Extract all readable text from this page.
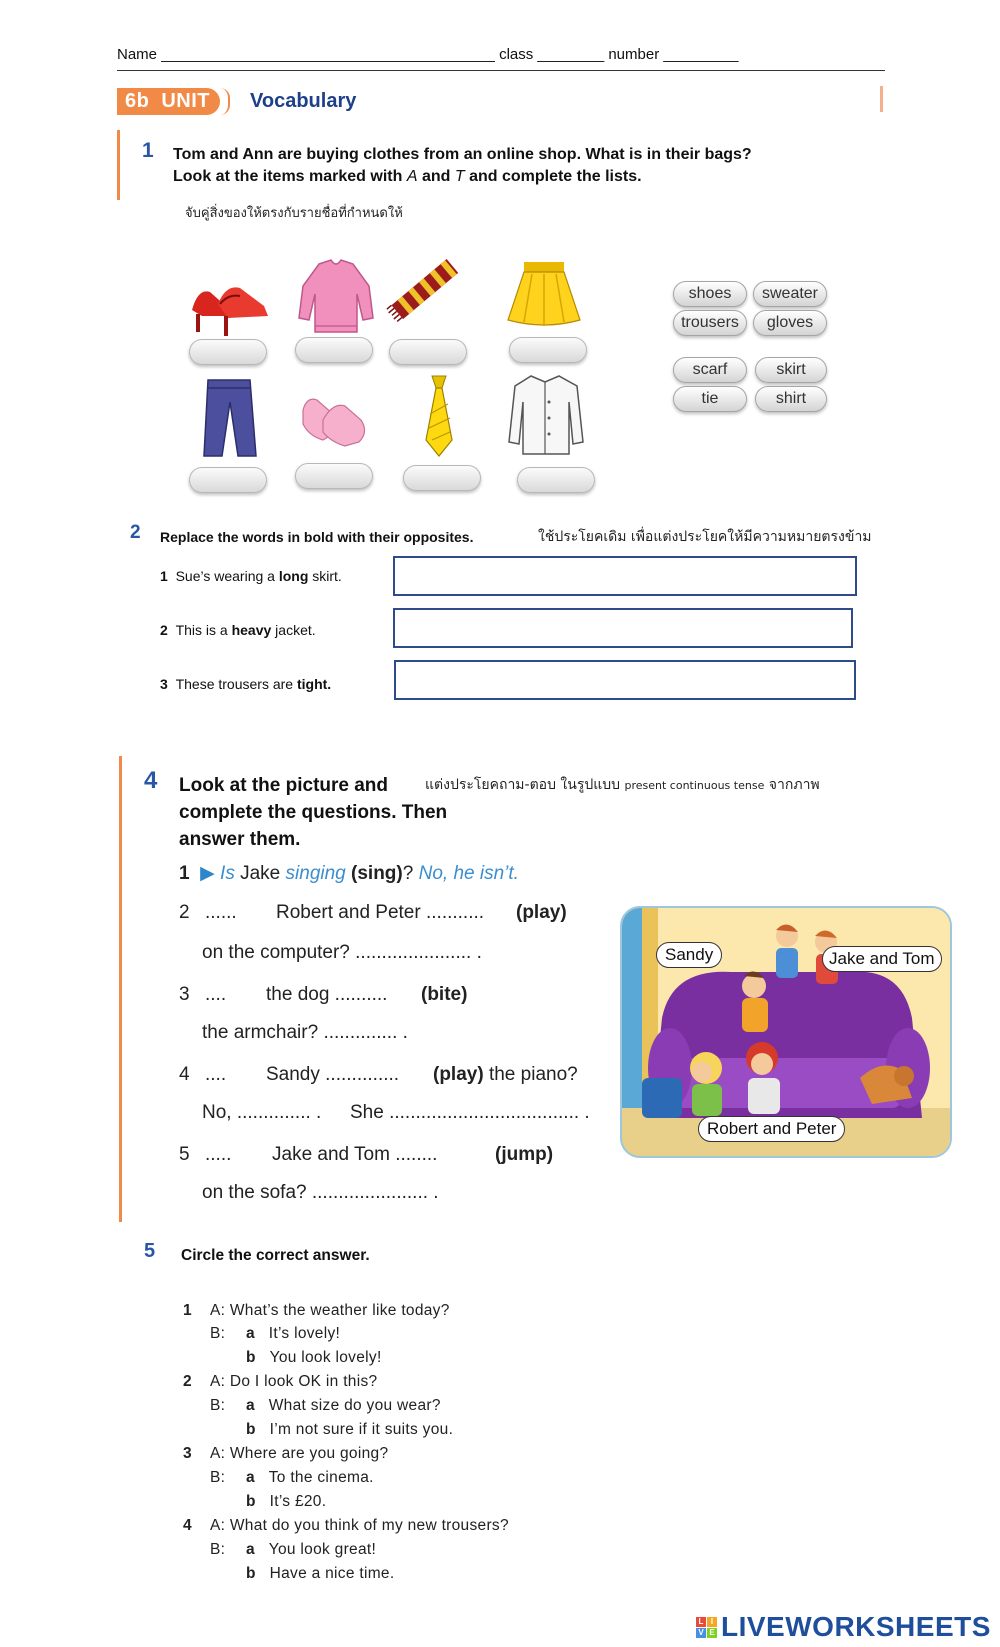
Name ________________________________________ class ________ number _________
6b UNIT	Vocabulary
1 Tom and Ann are buying clothes from an online shop. What is in their bags?
Look at the items marked with A and T and complete the lists.
จับคู่สิ่งของให้ตรงกับรายชื่อที่กำหนดให้
shoes	sweater
trousers	gloves
scarf	skirt
tie	shirt
2 Replace the words in bold with their opposites.	ใช้ประโยคเดิม เพื่อแต่งประโยคให้มีความหมายตรงข้าม
1 Sue’s wearing a long skirt.
2 This is a heavy jacket.
3 These trousers are tight.
4 Look at the picture and
complete the questions. Then
answer them.
แต่งประโยคถาม-ตอบ ในรูปแบบ present continuous tense จากภาพ
1 ▶ Is Jake singing (sing)? No, he isn’t.
2 ...... Robert and Peter ........... (play)
on the computer? ...................... .
3 .... the dog .......... (bite)
the armchair? .............. .
4 .... Sandy .............. (play) the piano?
No, .............. . She .................................... .
5 ..... Jake and Tom ........	(jump)
on the sofa? ...................... .
Sandy	Jake and Tom
Robert and Peter
5 Circle the correct answer.
1 A: What’s the weather like today?
B: a It’s lovely!
b You look lovely!
2 A: Do I look OK in this?
B: a What size do you wear?
b I’m not sure if it suits you.
3 A: Where are you going?
B: a To the cinema.
b It’s £20.
4 A: What do you think of my new trousers?
B: a You look great!
b Have a nice time.
L I
V E LIVEWORKSHEETS
